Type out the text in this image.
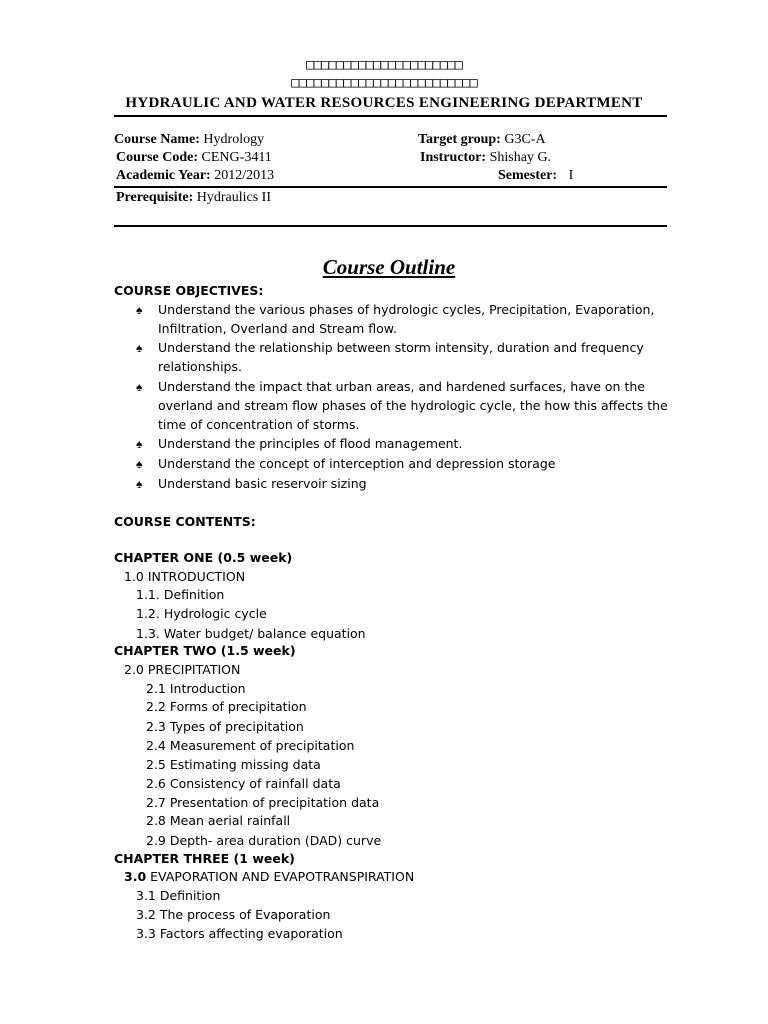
□□□□□□□□□□□□□□□□□□□□□
□□□□□□□□□□□□□□□□□□□□□□□□□
HYDRAULIC AND WATER RESOURCES ENGINEERING DEPARTMENT
Course Name: Hydrology
Course Code: CENG-3411
Academic Year: 2012/2013
Target group: G3C-A
Instructor: Shishay G.
Semester: I
Prerequisite: Hydraulics II
Course Outline
COURSE OBJECTIVES:
♠ Understand the various phases of hydrologic cycles, Precipitation, Evaporation,
Infiltration, Overland and Stream flow.
♠ Understand the relationship between storm intensity, duration and frequency
relationships.
♠ Understand the impact that urban areas, and hardened surfaces, have on the
overland and stream flow phases of the hydrologic cycle, the how this affects the
time of concentration of storms.
♠ Understand the principles of flood management.
♠ Understand the concept of interception and depression storage
♠ Understand basic reservoir sizing
COURSE CONTENTS:
CHAPTER ONE (0.5 week)
1.0 INTRODUCTION
1.1. Definition
1.2. Hydrologic cycle
1.3. Water budget/ balance equation
CHAPTER TWO (1.5 week)
2.0 PRECIPITATION
2.1 Introduction
2.2 Forms of precipitation
2.3 Types of precipitation
2.4 Measurement of precipitation
2.5 Estimating missing data
2.6 Consistency of rainfall data
2.7 Presentation of precipitation data
2.8 Mean aerial rainfall
2.9 Depth- area duration (DAD) curve
CHAPTER THREE (1 week)
3.0 EVAPORATION AND EVAPOTRANSPIRATION
3.1 Definition
3.2 The process of Evaporation
3.3 Factors affecting evaporation
